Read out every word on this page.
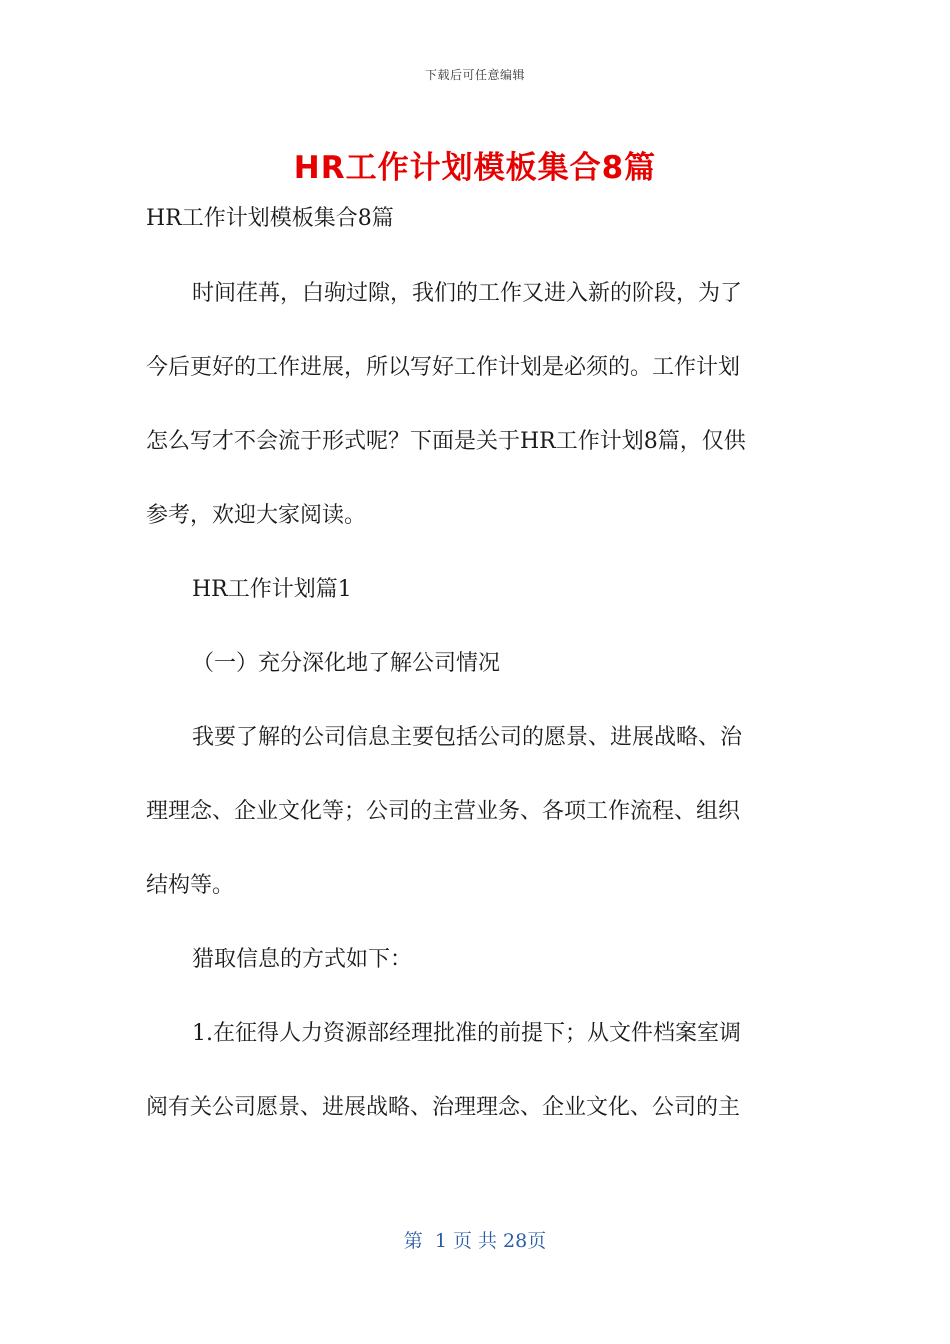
下载后可任意编辑
HR工作计划模板集合8篇

HR工作计划模板集合8篇

时间荏苒，白驹过隙，我们的工作又进入新的阶段，为了

今后更好的工作进展，所以写好工作计划是必须的。工作计划

怎么写才不会流于形式呢？下面是关于HR工作计划8篇，仅供

参考，欢迎大家阅读。

HR工作计划篇1

（一）充分深化地了解公司情况

我要了解的公司信息主要包括公司的愿景、进展战略、治

理理念、企业文化等；公司的主营业务、各项工作流程、组织

结构等。

猎取信息的方式如下：

1.在征得人力资源部经理批准的前提下；从文件档案室调

阅有关公司愿景、进展战略、治理理念、企业文化、公司的主

第  1 页 共 28页
